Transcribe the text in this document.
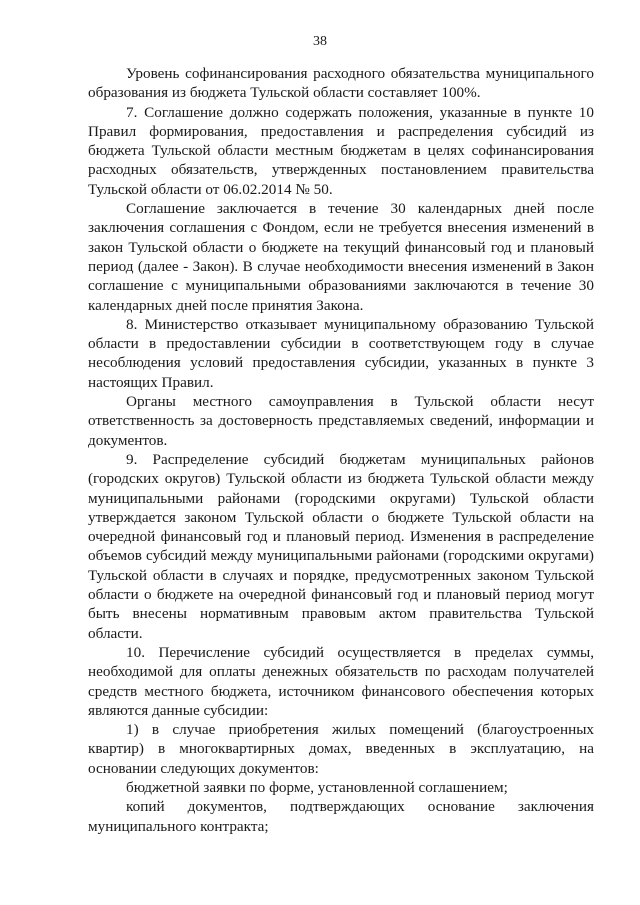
38

Уровень софинансирования расходного обязательства муниципального образования из бюджета Тульской области составляет 100%.

7. Соглашение должно содержать положения, указанные в пункте 10 Правил формирования, предоставления и распределения субсидий из бюджета Тульской области местным бюджетам в целях софинансирования расходных обязательств, утвержденных постановлением правительства Тульской области от 06.02.2014 № 50.

Соглашение заключается в течение 30 календарных дней после заключения соглашения с Фондом, если не требуется внесения изменений в закон Тульской области о бюджете на текущий финансовый год и плановый период (далее - Закон). В случае необходимости внесения изменений в Закон соглашение с муниципальными образованиями заключаются в течение 30 календарных дней после принятия Закона.

8. Министерство отказывает муниципальному образованию Тульской области в предоставлении субсидии в соответствующем году в случае несоблюдения условий предоставления субсидии, указанных в пункте 3 настоящих Правил.

Органы местного самоуправления в Тульской области несут ответственность за достоверность представляемых сведений, информации и документов.

9. Распределение субсидий бюджетам муниципальных районов (городских округов) Тульской области из бюджета Тульской области между муниципальными районами (городскими округами) Тульской области утверждается законом Тульской области о бюджете Тульской области на очередной финансовый год и плановый период. Изменения в распределение объемов субсидий между муниципальными районами (городскими округами) Тульской области в случаях и порядке, предусмотренных законом Тульской области о бюджете на очередной финансовый год и плановый период могут быть внесены нормативным правовым актом правительства Тульской области.

10. Перечисление субсидий осуществляется в пределах суммы, необходимой для оплаты денежных обязательств по расходам получателей средств местного бюджета, источником финансового обеспечения которых являются данные субсидии:

1) в случае приобретения жилых помещений (благоустроенных квартир) в многоквартирных домах, введенных в эксплуатацию, на основании следующих документов:

бюджетной заявки по форме, установленной соглашением;

копий документов, подтверждающих основание заключения муниципального контракта;
